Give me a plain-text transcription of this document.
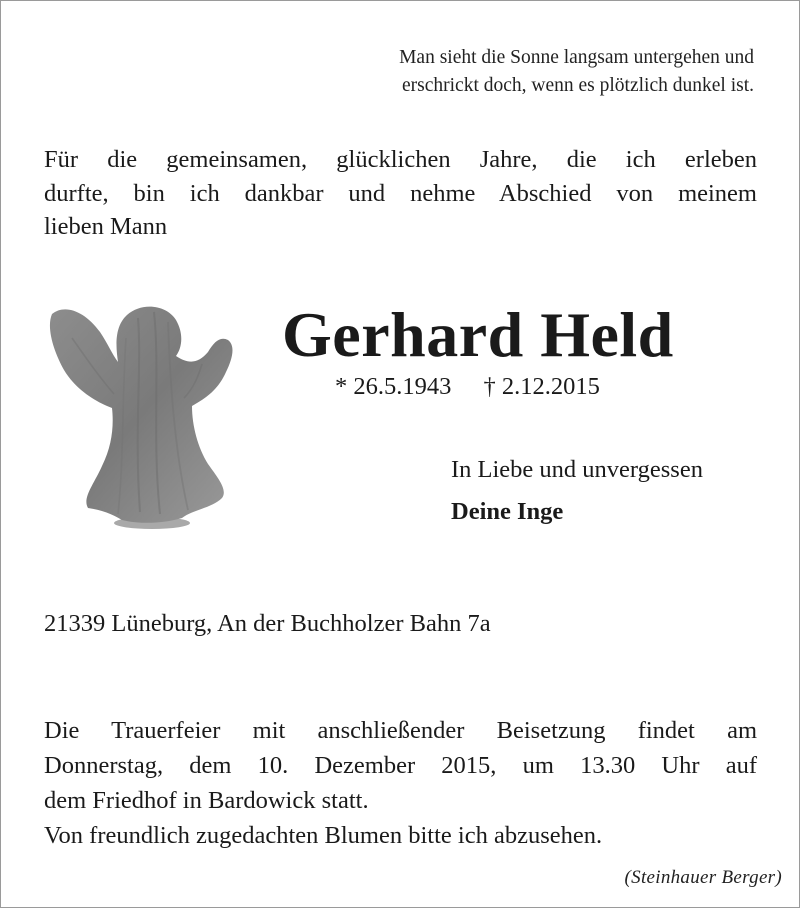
Man sieht die Sonne langsam untergehen und
erschrickt doch, wenn es plötzlich dunkel ist.
Für die gemeinsamen, glücklichen Jahre, die ich erleben
durfte, bin ich dankbar und nehme Abschied von meinem
lieben Mann
Gerhard Held
* 26.5.1943 † 2.12.2015
In Liebe und unvergessen
Deine Inge
21339 Lüneburg, An der Buchholzer Bahn 7a
Die Trauerfeier mit anschließender Beisetzung findet am
Donnerstag, dem 10. Dezember 2015, um 13.30 Uhr auf
dem Friedhof in Bardowick statt.
Von freundlich zugedachten Blumen bitte ich abzusehen.
(Steinhauer Berger)
